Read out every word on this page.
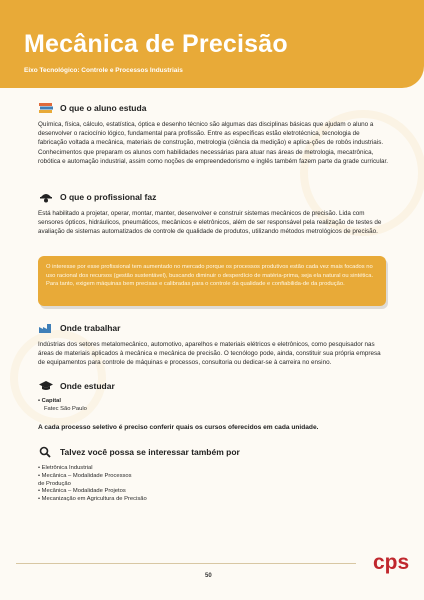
Mecânica de Precisão
Eixo Tecnológico: Controle e Processos Industriais
O que o aluno estuda
Química, física, cálculo, estatística, óptica e desenho técnico são algumas das disciplinas básicas que ajudam o aluno a desenvolver o raciocínio lógico, fundamental para profissão. Entre as específicas estão eletrotécnica, tecnologia de fabricação voltada a mecânica, materiais de construção, metrologia (ciência da medição) e aplica-ções de robôs industriais. Conhecimentos que preparam os alunos com habilidades necessárias para atuar nas áreas de metrologia, mecatrônica, robótica e automação industrial, assim como noções de empreendedorismo e inglês também fazem parte da grade curricular.
O que o profissional faz
Está habilitado a projetar, operar, montar, manter, desenvolver e construir sistemas mecânicos de precisão. Lida com sensores ópticos, hidráulicos, pneumáticos, mecânicos e eletrônicos, além de ser responsável pela realização de testes de avaliação de sistemas automatizados de controle de qualidade de produtos, utilizando métodos metrológicos de precisão.

O interesse por esse profissional tem aumentado no mercado porque os processos produtivos estão cada vez mais focados no uso racional dos recursos (gestão sustentável), buscando diminuir o desperdício de matéria-prima, seja ela natural ou sintética. Para tanto, exigem máquinas bem precisas e calibradas para o controle da qualidade e confiabilida-de da produção.

Onde trabalhar
Indústrias dos setores metalomecânico, automotivo, aparelhos e materiais elétricos e eletrônicos, como pesquisador nas áreas de materiais aplicados à mecânica e mecânica de precisão. O tecnólogo pode, ainda, constituir sua própria empresa de equipamentos para controle de máquinas e processos, consultoria ou dedicar-se à carreira no ensino.
Onde estudar
• Capital
Fatec São Paulo
A cada processo seletivo é preciso conferir quais os cursos oferecidos em cada unidade.
Talvez você possa se interessar também por
• Eletrônica Industrial
• Mecânica – Modalidade Processos
de Produção
• Mecânica – Modalidade Projetos
• Mecanização em Agricultura de Precisão
50
cps
